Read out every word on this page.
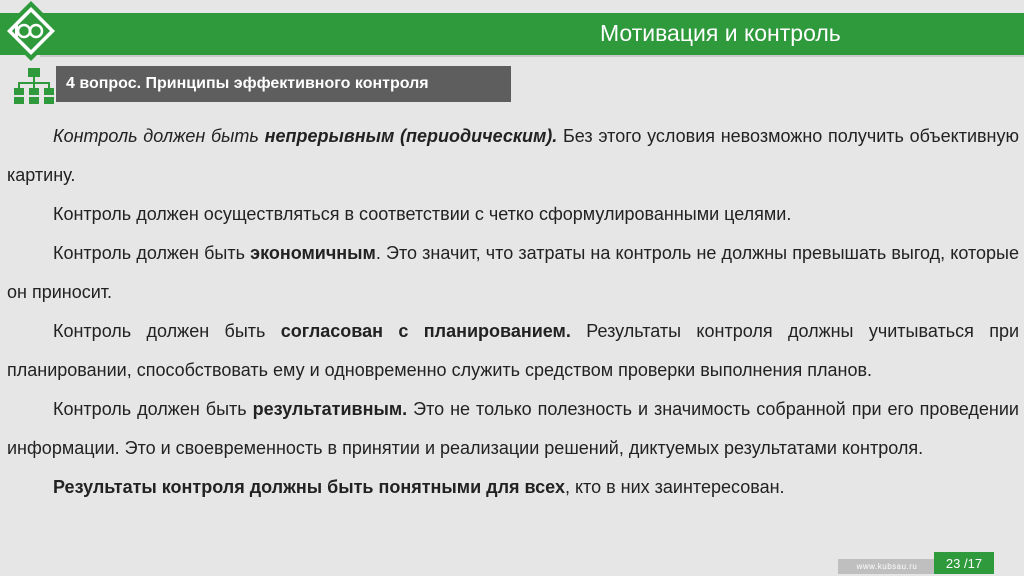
Мотивация и контроль
4 вопрос. Принципы эффективного контроля

Контроль должен быть непрерывным (периодическим). Без этого условия невозможно получить объективную картину.

Контроль должен осуществляться в соответствии с четко сформулированными целями.

Контроль должен быть экономичным. Это значит, что затраты на контроль не должны превышать выгод, которые он приносит.

Контроль должен быть согласован с планированием. Результаты контроля должны учитываться при планировании, способствовать ему и одновременно служить средством проверки выполнения планов.

Контроль должен быть результативным. Это не только полезность и значимость собранной при его проведении информации. Это и своевременность в принятии и реализации решений, диктуемых результатами контроля.

Результаты контроля должны быть понятными для всех, кто в них заинтересован.

www.kubsau.ru	23 /17
